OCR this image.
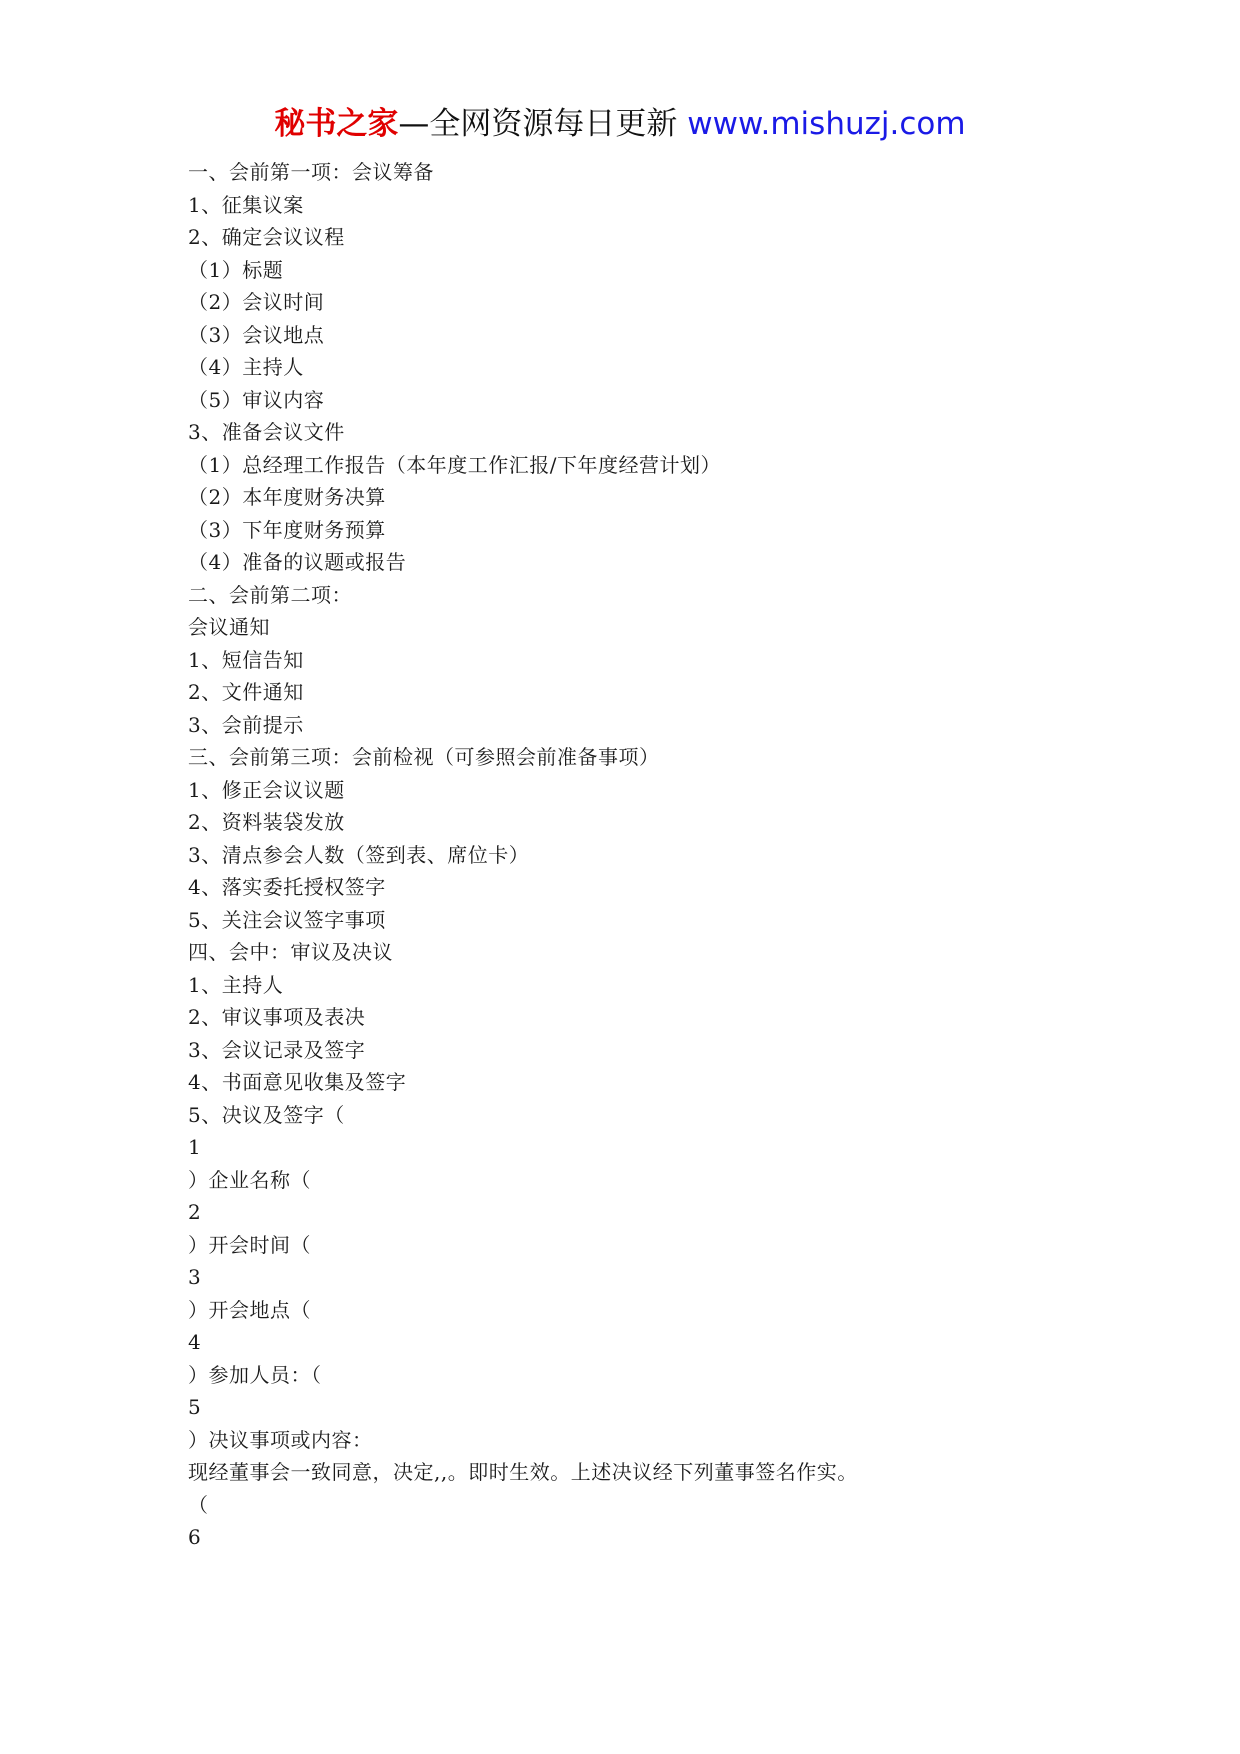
秘书之家—全网资源每日更新 www.mishuzj.com
一、会前第一项：会议筹备
1、征集议案
2、确定会议议程
（1）标题
（2）会议时间
（3）会议地点
（4）主持人
（5）审议内容
3、准备会议文件
（1）总经理工作报告（本年度工作汇报/下年度经营计划）
（2）本年度财务决算
（3）下年度财务预算
（4）准备的议题或报告
二、会前第二项：
会议通知
1、短信告知
2、文件通知
3、会前提示
三、会前第三项：会前检视（可参照会前准备事项）
1、修正会议议题
2、资料装袋发放
3、清点参会人数（签到表、席位卡）
4、落实委托授权签字
5、关注会议签字事项
四、会中：审议及决议
1、主持人
2、审议事项及表决
3、会议记录及签字
4、书面意见收集及签字
5、决议及签字（
1
）企业名称（
2
）开会时间（
3
）开会地点（
4
）参加人员：（
5
）决议事项或内容：
现经董事会一致同意，决定,,。即时生效。上述决议经下列董事签名作实。
（
6
